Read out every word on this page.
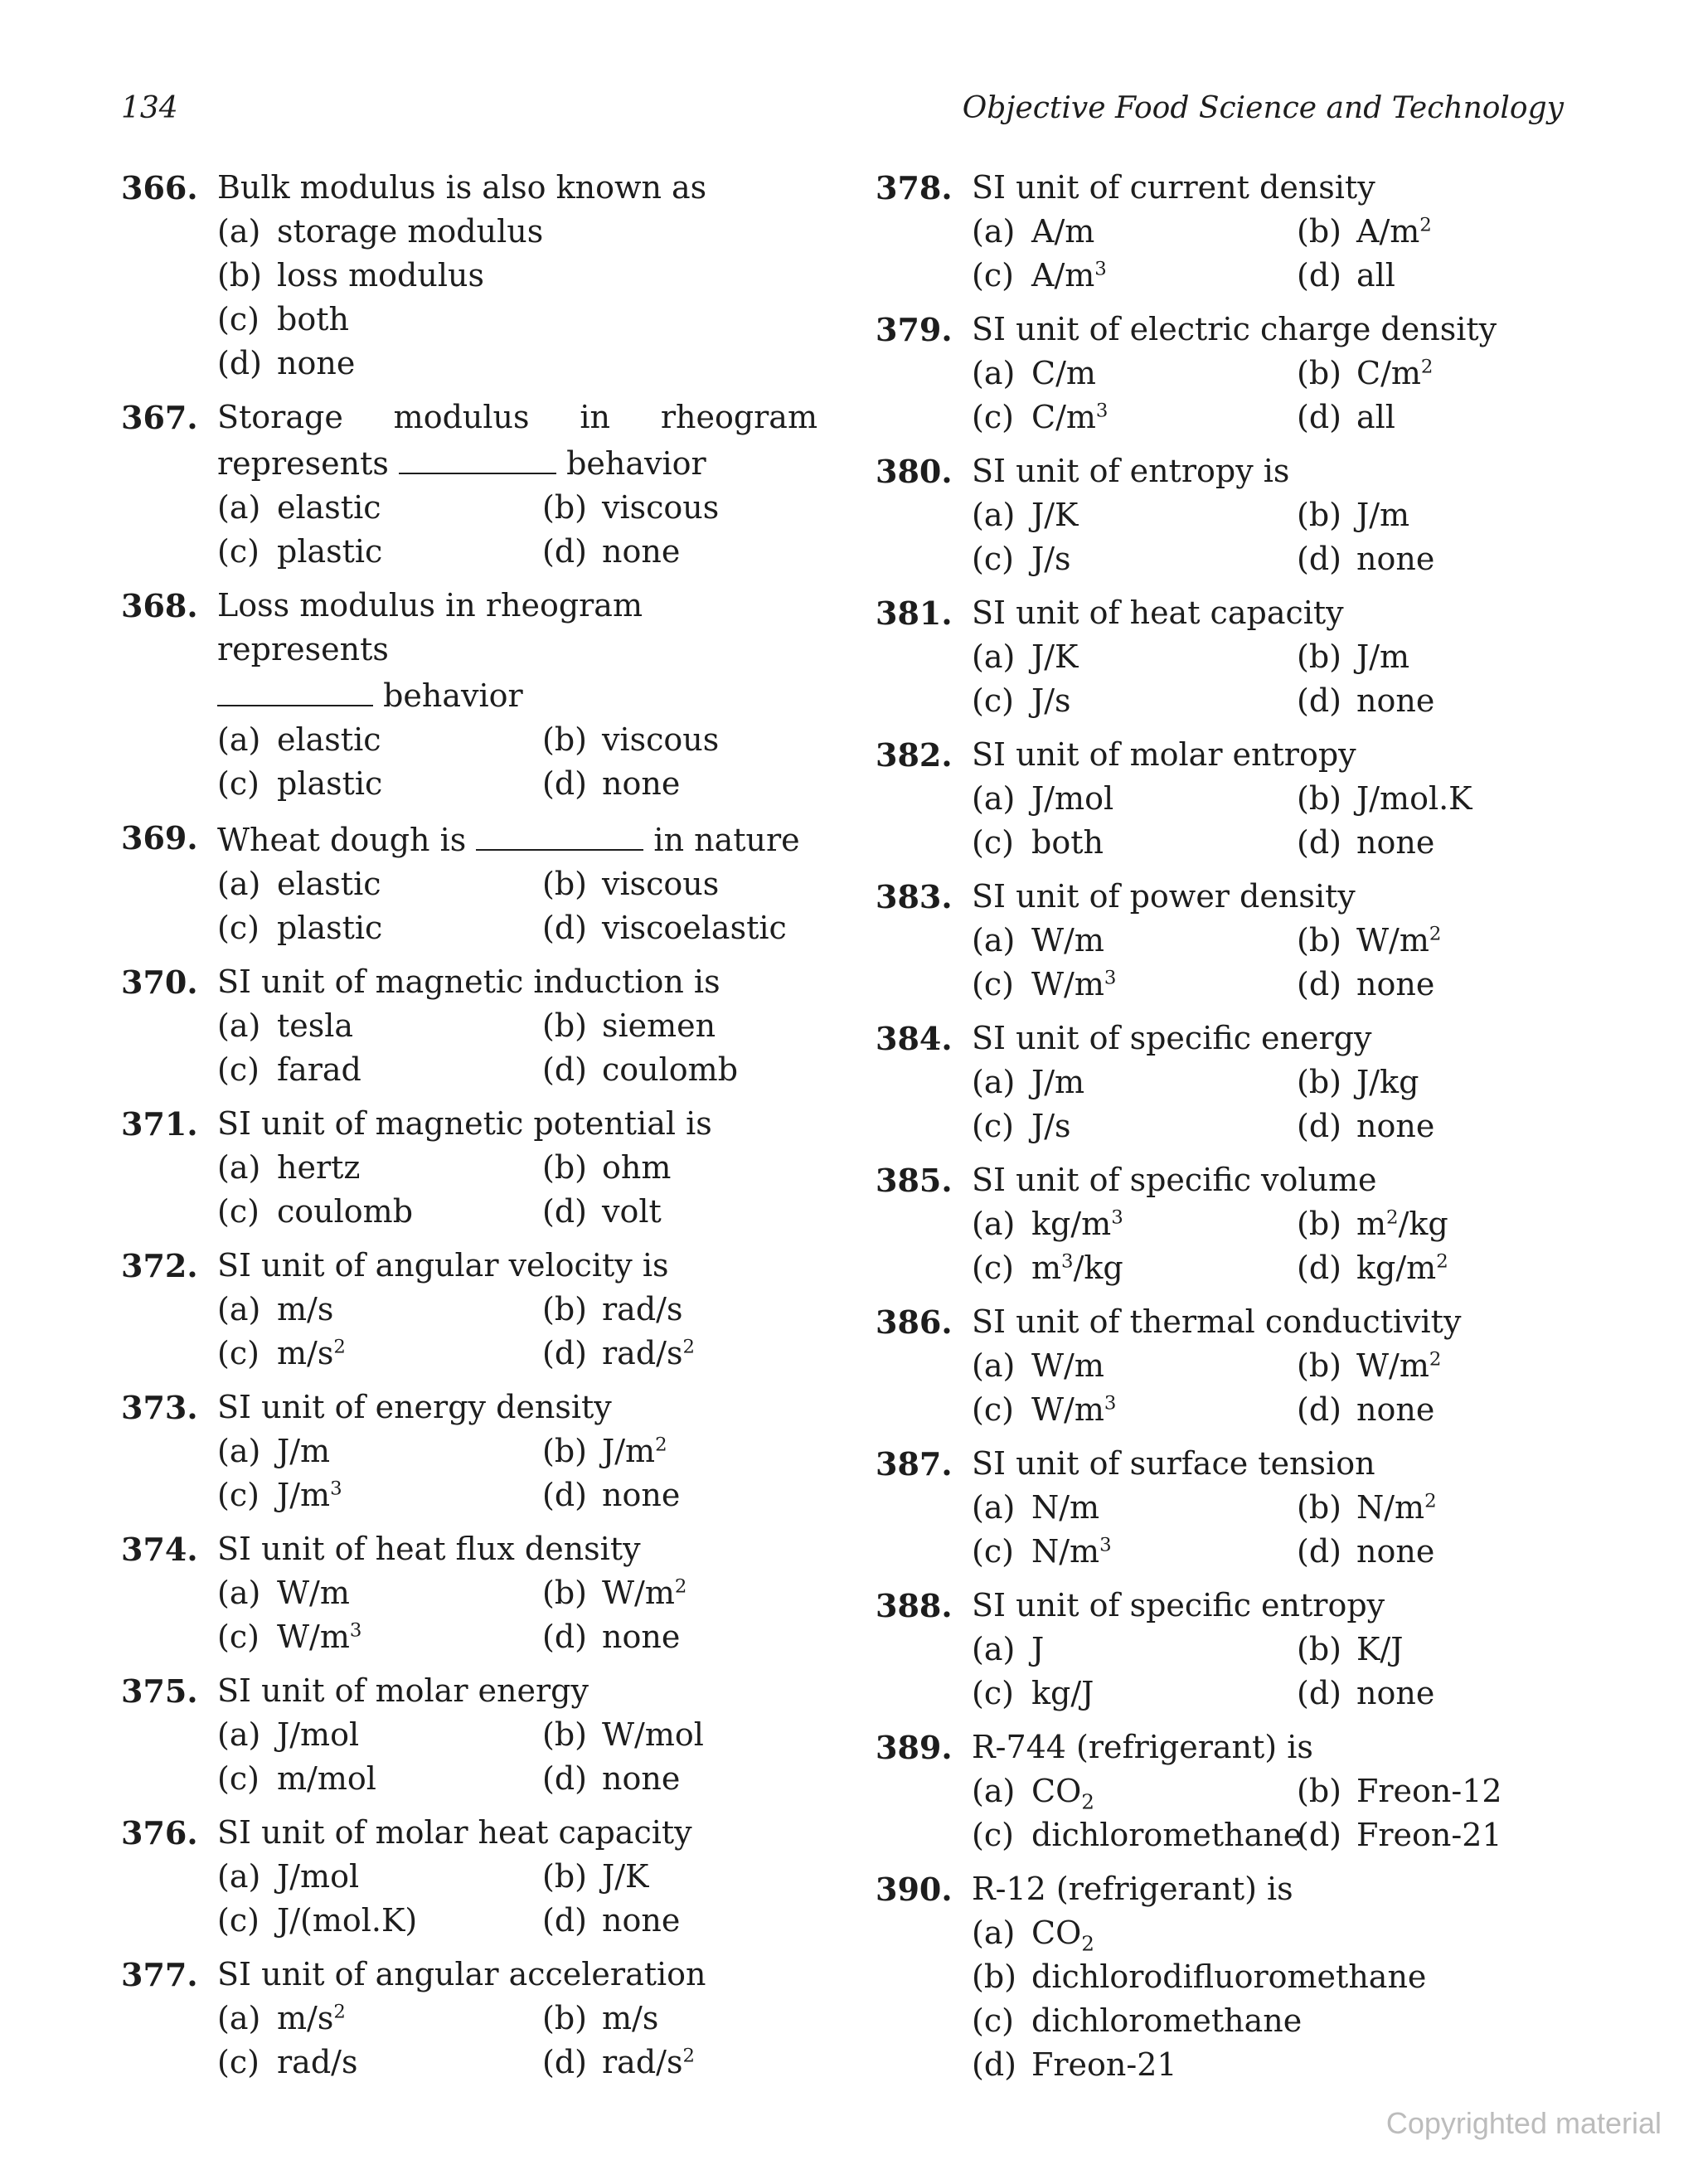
134	Objective Food Science and Technology
366. Bulk modulus is also known as
(a) storage modulus
(b) loss modulus
(c) both
(d) none
367. Storage modulus in rheogram
represents	behavior
(a) elastic	(b) viscous
(c) plastic	(d) none
368. Loss modulus in rheogram represents
behavior
(a) elastic	(b) viscous
(c) plastic	(d) none
369. Wheat dough is	in nature
(a) elastic	(b) viscous
(c) plastic	(d) viscoelastic
370. SI unit of magnetic induction is
(a) tesla	(b) siemen
(c) farad	(d) coulomb
371. SI unit of magnetic potential is
(a) hertz	(b) ohm
(c) coulomb	(d) volt
372. SI unit of angular velocity is
(a) m/s	(b) rad/s
(c) $m/s^2$	(d) rad/$s^2$
373. SI unit of energy density
(a) J/m	(b) $J/m^2$
(c) $J/m^3$	(d) none
374. SI unit of heat flux density
(a) W/m	(b) $W/m^2$
(c) $W/m^3$	(d) none
375. SI unit of molar energy
(a) J/mol	(b) W/mol
(c) m/mol	(d) none
376. SI unit of molar heat capacity
(a) J/mol	(b) J/K
(c) J/(mol.K)	(d) none
377. SI unit of angular acceleration
(a) $m/s^2$	(b) m/s
(c) rad/s	(d) rad/$s^2$
378. SI unit of current density
(a) A/m	(b) $A/m^2$
(c) $A/m^3$	(d) all
379. SI unit of electric charge density
(a) C/m	(b) $C/m^2$
(c) $C/m^3$	(d) all
380. SI unit of entropy is
(a) J/K	(b) J/m
(c) J/s	(d) none
381. SI unit of heat capacity
(a) J/K	(b) J/m
(c) J/s	(d) none
382. SI unit of molar entropy
(a) J/mol	(b) J/mol.K
(c) both	(d) none
383. SI unit of power density
(a) W/m	(b) $W/m^2$
(c) $W/m^3$	(d) none
384. SI unit of specific energy
(a) J/m	(b) J/kg
(c) J/s	(d) none
385. SI unit of specific volume
(a) $kg/m^3$	(b) $m^2/kg$
(c) $m^3/kg$	(d) $kg/m^2$
386. SI unit of thermal conductivity
(a) W/m	(b) $W/m^2$
(c) $W/m^3$	(d) none
387. SI unit of surface tension
(a) N/m	(b) $N/m^2$
(c) $N/m^3$	(d) none
388. SI unit of specific entropy
(a) J	(b) K/J
(c) kg/J	(d) none
389. R-744 (refrigerant) is
(a) $CO_2$	(b) Freon-12
(c) dichloromethane
(d) Freon-21
390. R-12 (refrigerant) is
(a) $CO_2$
(b) dichlorodifluoromethane
(c) dichloromethane
(d) Freon-21
Copyrighted material
